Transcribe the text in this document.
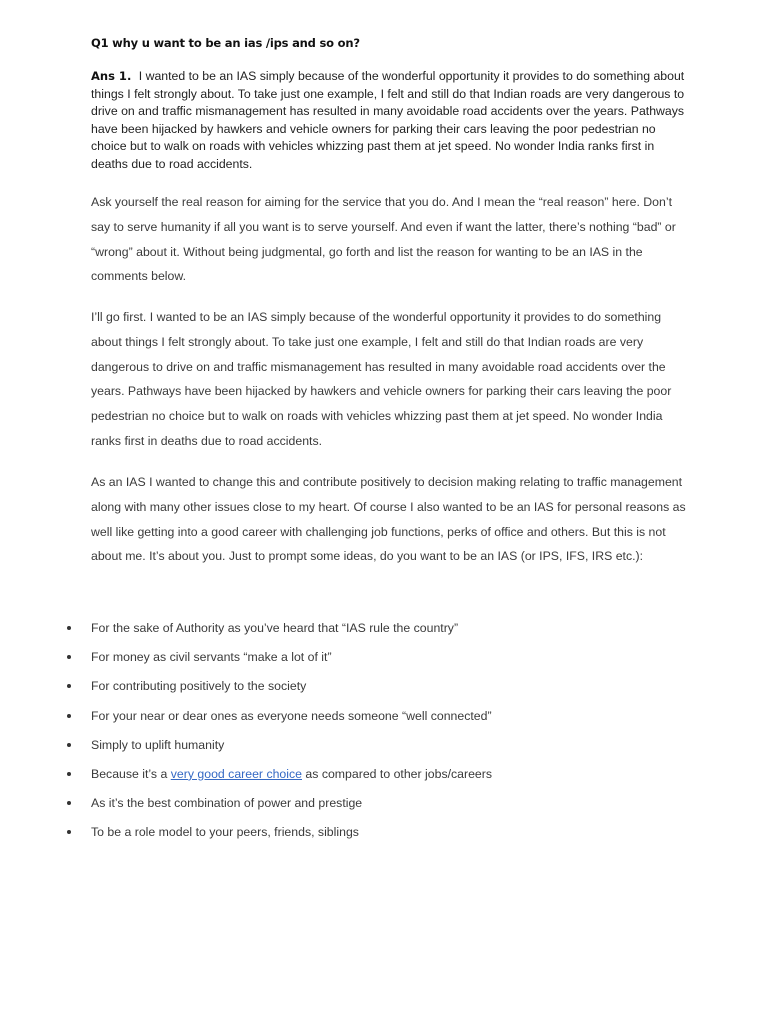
Q1 why u want to be an ias /ips and so on?
Ans 1. I wanted to be an IAS simply because of the wonderful opportunity it provides to do something about things I felt strongly about. To take just one example, I felt and still do that Indian roads are very dangerous to drive on and traffic mismanagement has resulted in many avoidable road accidents over the years. Pathways have been hijacked by hawkers and vehicle owners for parking their cars leaving the poor pedestrian no choice but to walk on roads with vehicles whizzing past them at jet speed. No wonder India ranks first in deaths due to road accidents.
Ask yourself the real reason for aiming for the service that you do. And I mean the “real reason” here. Don’t say to serve humanity if all you want is to serve yourself. And even if want the latter, there’s nothing “bad” or “wrong” about it. Without being judgmental, go forth and list the reason for wanting to be an IAS in the comments below.
I’ll go first. I wanted to be an IAS simply because of the wonderful opportunity it provides to do something about things I felt strongly about. To take just one example, I felt and still do that Indian roads are very dangerous to drive on and traffic mismanagement has resulted in many avoidable road accidents over the years. Pathways have been hijacked by hawkers and vehicle owners for parking their cars leaving the poor pedestrian no choice but to walk on roads with vehicles whizzing past them at jet speed. No wonder India ranks first in deaths due to road accidents.
As an IAS I wanted to change this and contribute positively to decision making relating to traffic management along with many other issues close to my heart. Of course I also wanted to be an IAS for personal reasons as well like getting into a good career with challenging job functions, perks of office and others. But this is not about me. It’s about you. Just to prompt some ideas, do you want to be an IAS (or IPS, IFS, IRS etc.):
For the sake of Authority as you’ve heard that “IAS rule the country”
For money as civil servants “make a lot of it”
For contributing positively to the society
For your near or dear ones as everyone needs someone “well connected”
Simply to uplift humanity
Because it’s a very good career choice as compared to other jobs/careers
As it’s the best combination of power and prestige
To be a role model to your peers, friends, siblings
